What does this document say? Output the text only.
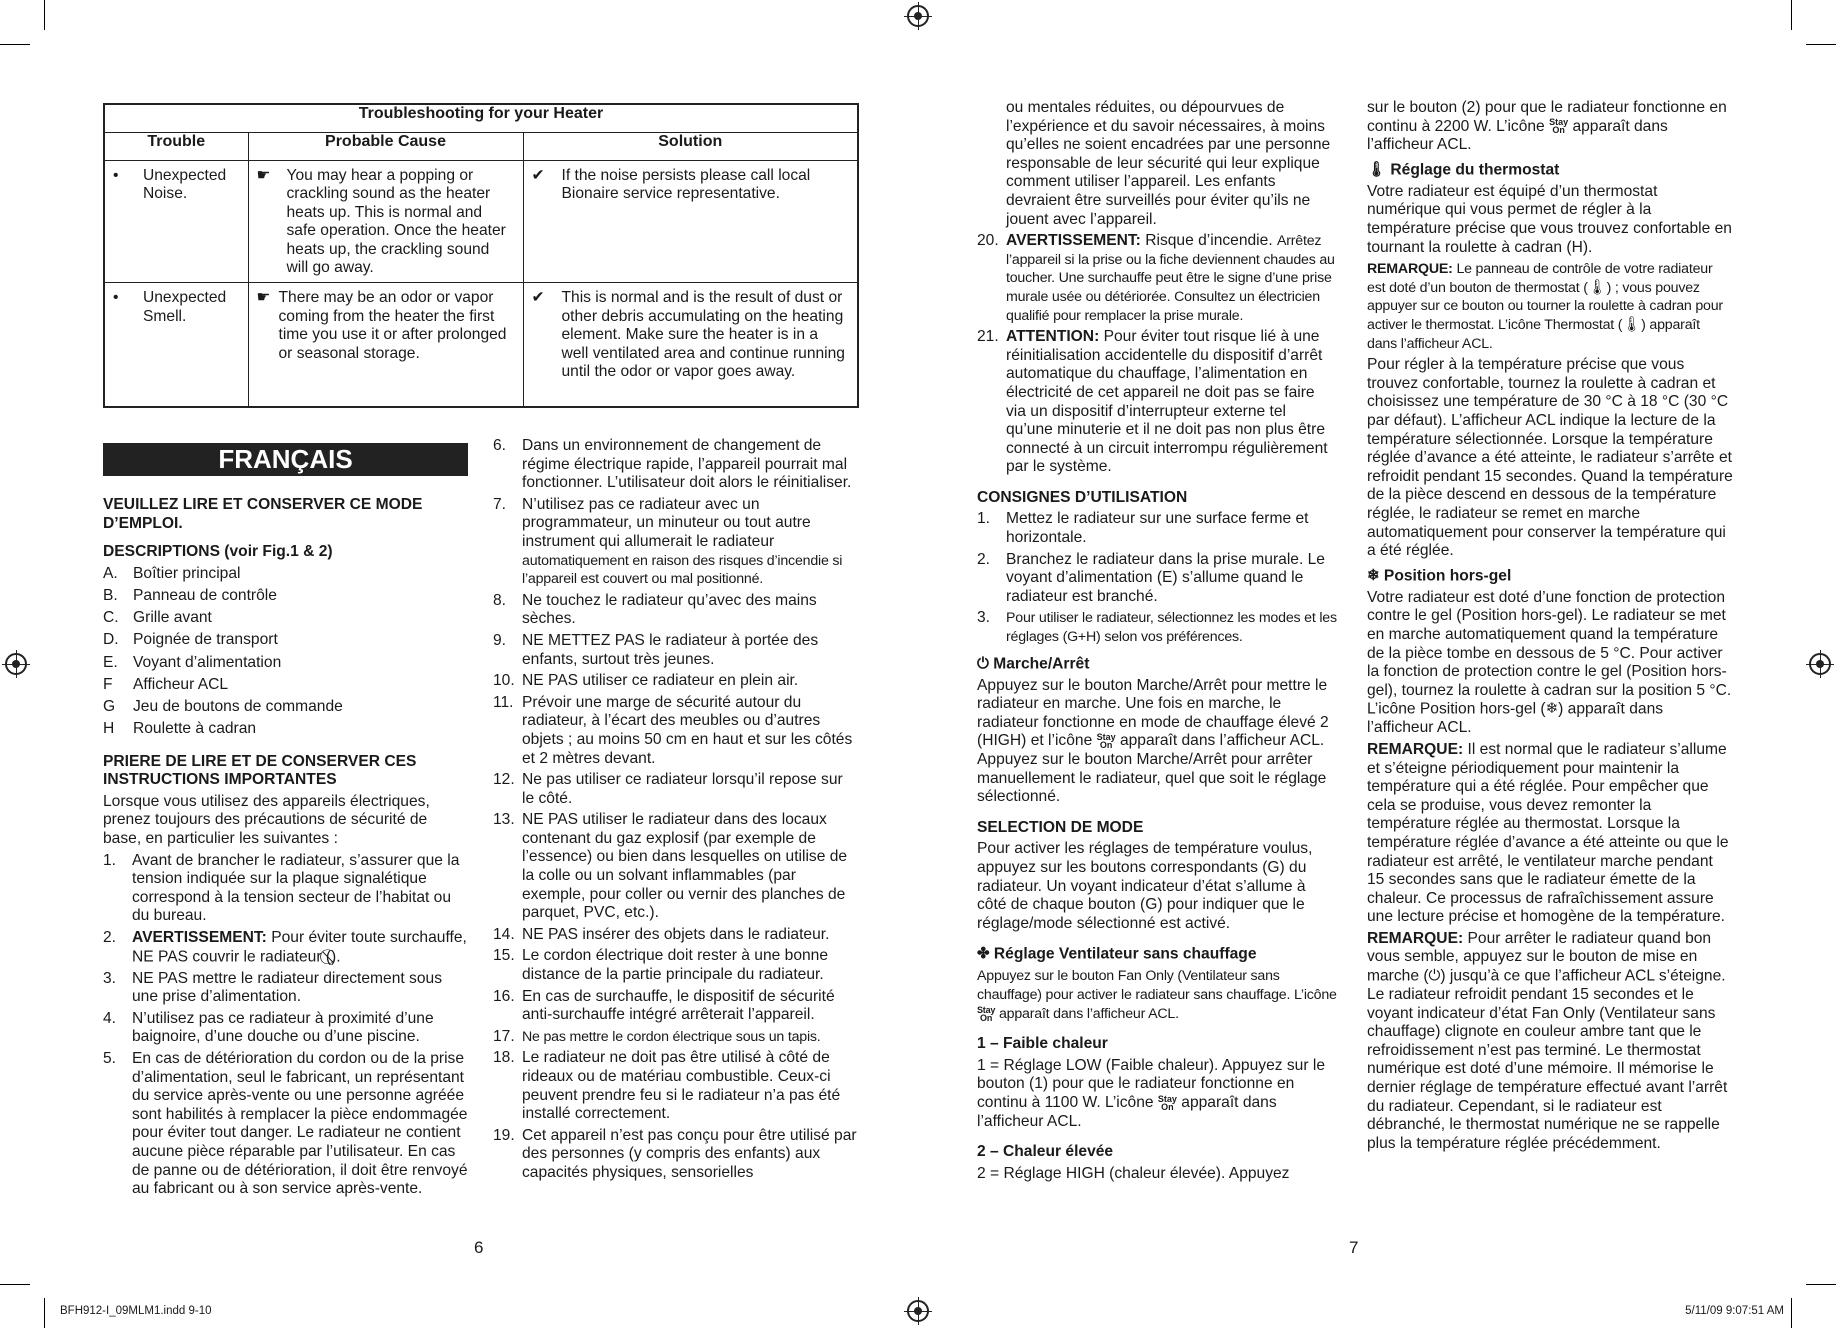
Troubleshooting for your Heater		
Trouble	Probable Cause	Solution

• Unexpected Noise.	☛ You may hear a popping or crackling sound as the heater heats up. This is normal and safe operation. Once the heater heats up, the crackling sound will go away.	✔ If the noise persists please call local Bionaire service representative.

• Unexpected Smell.	☛ There may be an odor or vapor coming from the heater the first time you use it or after prolonged or seasonal storage.	✔ This is normal and is the result of dust or other debris accumulating on the heating element. Make sure the heater is in a well ventilated area and continue running until the odor or vapor goes away.
FRANÇAIS
VEUILLEZ LIRE ET CONSERVER CE MODE D’EMPLOI.
DESCRIPTIONS (voir Fig.1 & 2)
A. Boîtier principal
B. Panneau de contrôle
C. Grille avant
D. Poignée de transport
E. Voyant d’alimentation
F	Afficheur ACL
G	Jeu de boutons de commande
H	Roulette à cadran
PRIERE DE LIRE ET DE CONSERVER CES INSTRUCTIONS IMPORTANTES

Lorsque vous utilisez des appareils électriques, prenez toujours des précautions de sécurité de base, en particulier les suivantes :

1.	Avant de brancher le radiateur, s’assurer que la tension indiquée sur la plaque signalétique correspond à la tension secteur de l’habitat ou du bureau.
2.	AVERTISSEMENT: Pour éviter toute surchauffe, NE PAS couvrir le radiateur ().
3.	NE PAS mettre le radiateur directement sous une prise d’alimentation.
4.	N’utilisez pas ce radiateur à proximité d’une baignoire, d’une douche ou d’une piscine.
5.	En cas de détérioration du cordon ou de la prise d’alimentation, seul le fabricant, un représentant du service après-vente ou une personne agréée sont habilités à remplacer la pièce endommagée pour éviter tout danger. Le radiateur ne contient aucune pièce réparable par l’utilisateur. En cas de panne ou de détérioration, il doit être renvoyé au fabricant ou à son service après-vente.
6.	Dans un environnement de changement de régime électrique rapide, l’appareil pourrait mal fonctionner. L’utilisateur doit alors le réinitialiser.
7.	N’utilisez pas ce radiateur avec un programmateur, un minuteur ou tout autre instrument qui allumerait le radiateur automatiquement en raison des risques d’incendie si l’appareil est couvert ou mal positionné.
8.	Ne touchez le radiateur qu’avec des mains sèches.
9.	NE METTEZ PAS le radiateur à portée des enfants, surtout très jeunes.
10. NE PAS utiliser ce radiateur en plein air.
11. Prévoir une marge de sécurité autour du radiateur, à l’écart des meubles ou d’autres objets ; au moins 50 cm en haut et sur les côtés et 2 mètres devant.
12. Ne pas utiliser ce radiateur lorsqu’il repose sur le côté.
13. NE PAS utiliser le radiateur dans des locaux contenant du gaz explosif (par exemple de l’essence) ou bien dans lesquelles on utilise de la colle ou un solvant inflammables (par exemple, pour coller ou vernir des planches de parquet, PVC, etc.).
14. NE PAS insérer des objets dans le radiateur.
15. Le cordon électrique doit rester à une bonne distance de la partie principale du radiateur.
16. En cas de surchauffe, le dispositif de sécurité anti-surchauffe intégré arrêterait l’appareil.
17. Ne pas mettre le cordon électrique sous un tapis.
18. Le radiateur ne doit pas être utilisé à côté de rideaux ou de matériau combustible. Ceux-ci peuvent prendre feu si le radiateur n’a pas été installé correctement.
19. Cet appareil n’est pas conçu pour être utilisé par des personnes (y compris des enfants) aux capacités physiques, sensorielles
6

ou mentales réduites, ou dépourvues de l’expérience et du savoir nécessaires, à moins qu’elles ne soient encadrées par une personne responsable de leur sécurité qui leur explique comment utiliser l’appareil. Les enfants devraient être surveillés pour éviter qu’ils ne jouent avec l’appareil.

20. AVERTISSEMENT: Risque d’incendie. Arrêtez l’appareil si la prise ou la fiche deviennent chaudes au toucher. Une surchauffe peut être le signe d’une prise murale usée ou détériorée. Consultez un électricien qualifié pour remplacer la prise murale.
21. ATTENTION: Pour éviter tout risque lié à une réinitialisation accidentelle du dispositif d’arrêt automatique du chauffage, l’alimentation en électricité de cet appareil ne doit pas se faire via un dispositif d’interrupteur externe tel qu’une minuterie et il ne doit pas non plus être connecté à un circuit interrompu régulièrement par le système.
CONSIGNES D’UTILISATION
1.	Mettez le radiateur sur une surface ferme et horizontale.
2.	Branchez le radiateur dans la prise murale. Le voyant d’alimentation (E) s’allume quand le radiateur est branché.
3.	Pour utiliser le radiateur, sélectionnez les modes et les réglages (G+H) selon vos préférences.
⏻ Marche/Arrêt

Appuyez sur le bouton Marche/Arrêt pour mettre le radiateur en marche. Une fois en marche, le radiateur fonctionne en mode de chauffage élevé 2 (HIGH) et l’icône Stay
On apparaît dans l’afficheur ACL. Appuyez sur le bouton Marche/Arrêt pour arrêter manuellement le radiateur, quel que soit le réglage sélectionné.

SELECTION DE MODE

Pour activer les réglages de température voulus, appuyez sur les boutons correspondants (G) du radiateur. Un voyant indicateur d’état s’allume à côté de chaque bouton (G) pour indiquer que le réglage/mode sélectionné est activé.

✤ Réglage Ventilateur sans chauffage

Appuyez sur le bouton Fan Only (Ventilateur sans chauffage) pour activer le radiateur sans chauffage. L’icône Stay
On apparaît dans l’afficheur ACL.

1 – Faible chaleur

1 = Réglage LOW (Faible chaleur). Appuyez sur le bouton (1) pour que le radiateur fonctionne en continu à 1100 W. L’icône Stay
On apparaît dans l’afficheur ACL.

2 – Chaleur élevée

2 = Réglage HIGH (chaleur élevée). Appuyez

sur le bouton (2) pour que le radiateur fonctionne en continu à 2200 W. L’icône Stay
On apparaît dans l’afficheur ACL.

🌡 Réglage du thermostat

Votre radiateur est équipé d’un thermostat numérique qui vous permet de régler à la température précise que vous trouvez confortable en tournant la roulette à cadran (H).

REMARQUE: Le panneau de contrôle de votre radiateur est doté d’un bouton de thermostat (🌡) ; vous pouvez appuyer sur ce bouton ou tourner la roulette à cadran pour activer le thermostat. L’icône Thermostat (🌡) apparaît dans l’afficheur ACL.

Pour régler à la température précise que vous trouvez confortable, tournez la roulette à cadran et choisissez une température de 30 °C à 18 °C (30 °C par défaut). L’afficheur ACL indique la lecture de la température sélectionnée. Lorsque la température réglée d’avance a été atteinte, le radiateur s’arrête et refroidit pendant 15 secondes. Quand la température de la pièce descend en dessous de la température réglée, le radiateur se remet en marche automatiquement pour conserver la température qui a été réglée.

❄ Position hors-gel

Votre radiateur est doté d’une fonction de protection contre le gel (Position hors-gel). Le radiateur se met en marche automatiquement quand la température de la pièce tombe en dessous de 5 °C. Pour activer la fonction de protection contre le gel (Position hors-gel), tournez la roulette à cadran sur la position 5 °C. L’icône Position hors-gel (❄) apparaît dans l’afficheur ACL.

REMARQUE: Il est normal que le radiateur s’allume et s’éteigne périodiquement pour maintenir la température qui a été réglée. Pour empêcher que cela se produise, vous devez remonter la température réglée au thermostat. Lorsque la température réglée d’avance a été atteinte ou que le radiateur est arrêté, le ventilateur marche pendant 15 secondes sans que le radiateur émette de la chaleur. Ce processus de rafraîchissement assure une lecture précise et homogène de la température.

REMARQUE: Pour arrêter le radiateur quand bon vous semble, appuyez sur le bouton de mise en marche (⏻) jusqu’à ce que l’afficheur ACL s’éteigne. Le radiateur refroidit pendant 15 secondes et le voyant indicateur d’état Fan Only (Ventilateur sans chauffage) clignote en couleur ambre tant que le refroidissement n’est pas terminé. Le thermostat numérique est doté d’une mémoire. Il mémorise le dernier réglage de température effectué avant l’arrêt du radiateur. Cependant, si le radiateur est débranché, le thermostat numérique ne se rappelle plus la température réglée précédemment.

7
BFH912-I_09MLM1.indd 9-10	5/11/09 9:07:51 AM
